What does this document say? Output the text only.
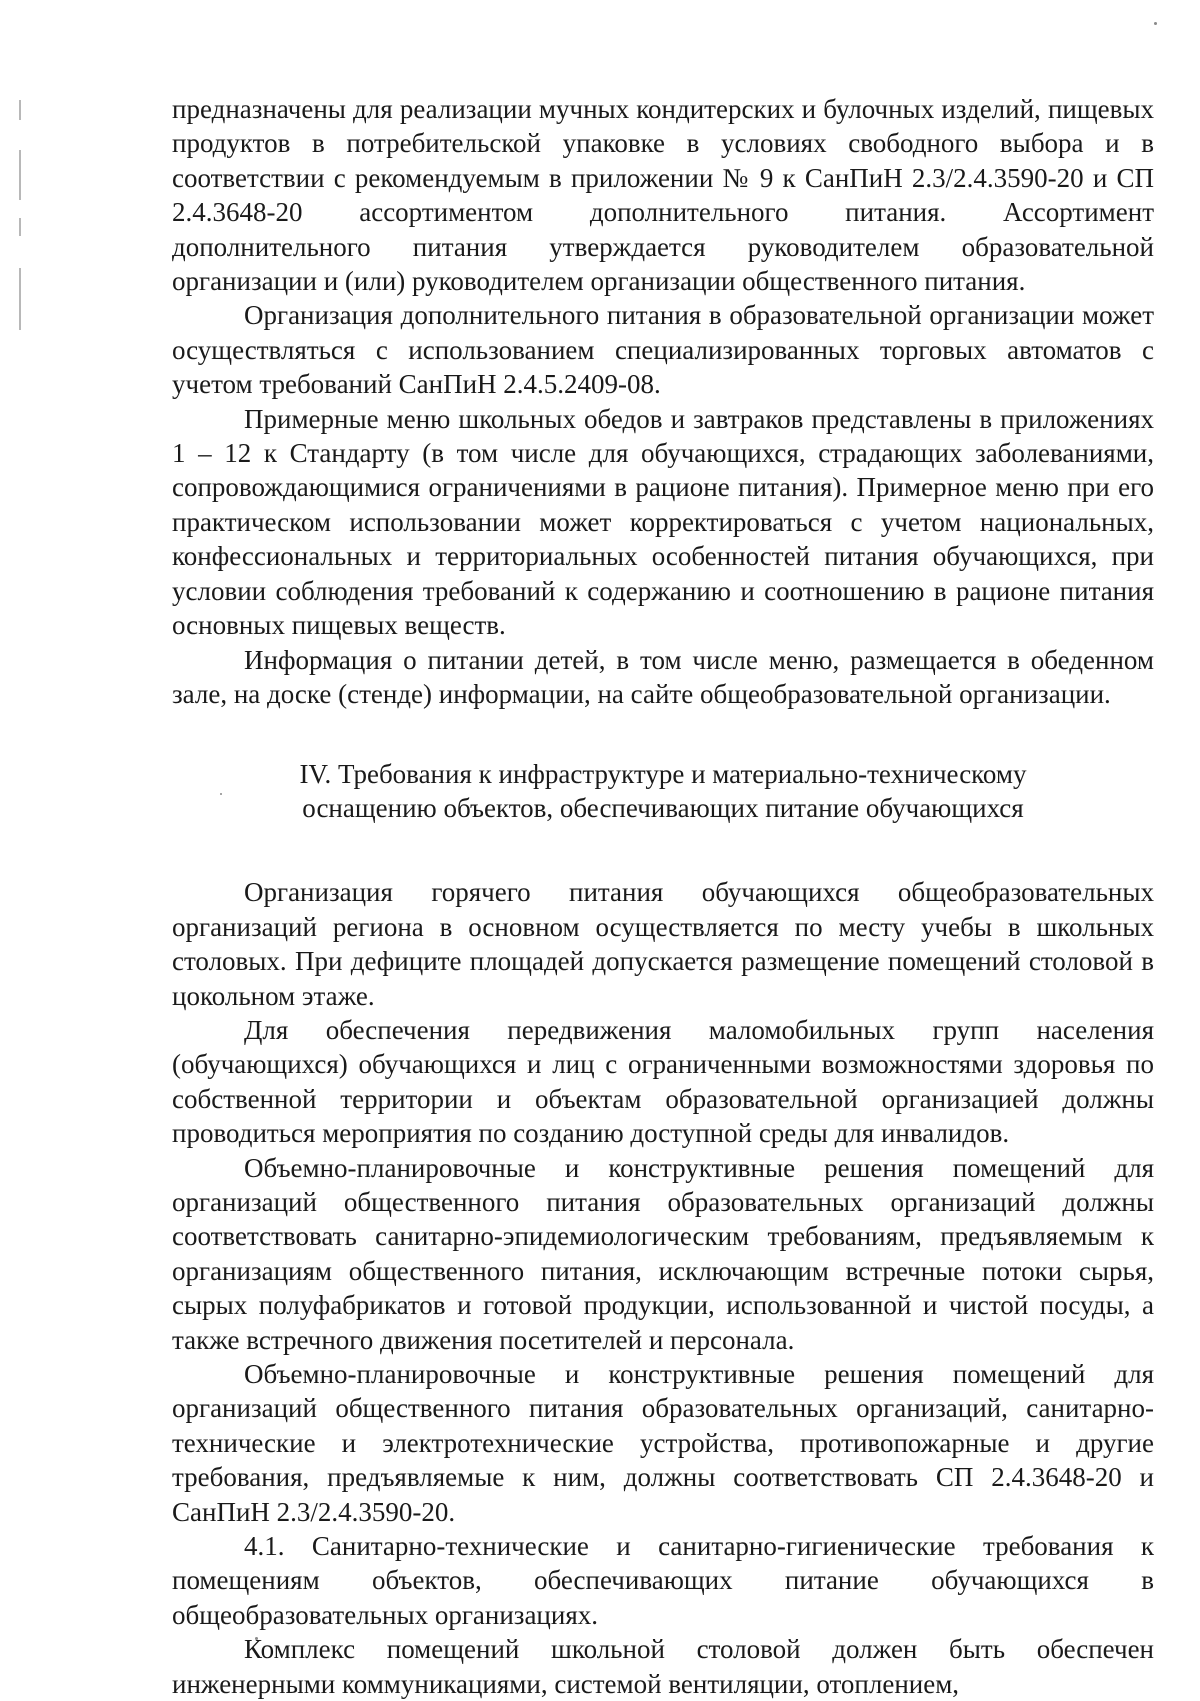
предназначены для реализации мучных кондитерских и булочных изделий, пищевых продуктов в потребительской упаковке в условиях свободного выбора и в соответствии с рекомендуемым в приложении № 9 к СанПиН 2.3/2.4.3590-20 и СП 2.4.3648-20 ассортиментом дополнительного питания. Ассортимент дополнительного питания утверждается руководителем образовательной организации и (или) руководителем организации общественного питания.

Организация дополнительного питания в образовательной организации может осуществляться с использованием специализированных торговых автоматов с учетом требований СанПиН 2.4.5.2409-08.

Примерные меню школьных обедов и завтраков представлены в приложениях 1 – 12 к Стандарту (в том числе для обучающихся, страдающих заболеваниями, сопровождающимися ограничениями в рационе питания). Примерное меню при его практическом использовании может корректироваться с учетом национальных, конфессиональных и территориальных особенностей питания обучающихся, при условии соблюдения требований к содержанию и соотношению в рационе питания основных пищевых веществ.

Информация о питании детей, в том числе меню, размещается в обеденном зале, на доске (стенде) информации, на сайте общеобразовательной организации.

IV. Требования к инфраструктуре и материально-техническому

оснащению объектов, обеспечивающих питание обучающихся

Организация горячего питания обучающихся общеобразовательных организаций региона в основном осуществляется по месту учебы в школьных столовых. При дефиците площадей допускается размещение помещений столовой в цокольном этаже.

Для обеспечения передвижения маломобильных групп населения (обучающихся) обучающихся и лиц с ограниченными возможностями здоровья по собственной территории и объектам образовательной организацией должны проводиться мероприятия по созданию доступной среды для инвалидов.

Объемно-планировочные и конструктивные решения помещений для организаций общественного питания образовательных организаций должны соответствовать санитарно-эпидемиологическим требованиям, предъявляемым к организациям общественного питания, исключающим встречные потоки сырья, сырых полуфабрикатов и готовой продукции, использованной и чистой посуды, а также встречного движения посетителей и персонала.

Объемно-планировочные и конструктивные решения помещений для организаций общественного питания образовательных организаций, санитарно-технические и электротехнические устройства, противопожарные и другие требования, предъявляемые к ним, должны соответствовать СП 2.4.3648-20 и СанПиН 2.3/2.4.3590-20.

4.1. Санитарно-технические и санитарно-гигиенические требования к помещениям объектов, обеспечивающих питание обучающихся в общеобразовательных организациях.

Комплекс помещений школьной столовой должен быть обеспечен инженерными коммуникациями, системой вентиляции, отоплением,
